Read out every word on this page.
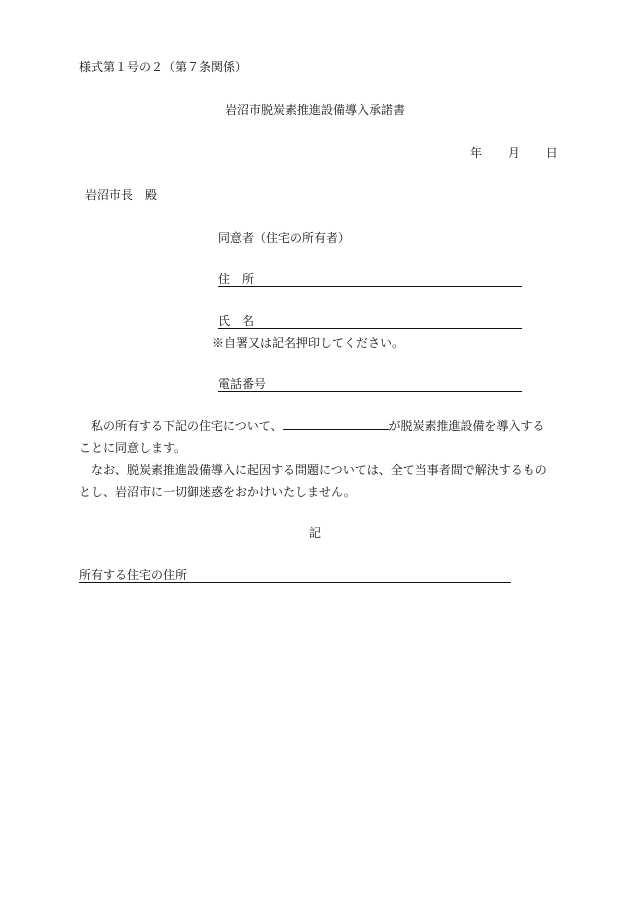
様式第１号の２（第７条関係）
岩沼市脱炭素推進設備導入承諾書
年 月 日
岩沼市長　殿
同意者（住宅の所有者）
住　所
氏　名
※自署又は記名押印してください。
電話番号

　私の所有する下記の住宅について、	が脱炭素推進設備を導入することに同意します。

　なお、脱炭素推進設備導入に起因する問題については、全て当事者間で解決するものとし、岩沼市に一切御迷惑をおかけいたしません。

記
所有する住宅の住所
